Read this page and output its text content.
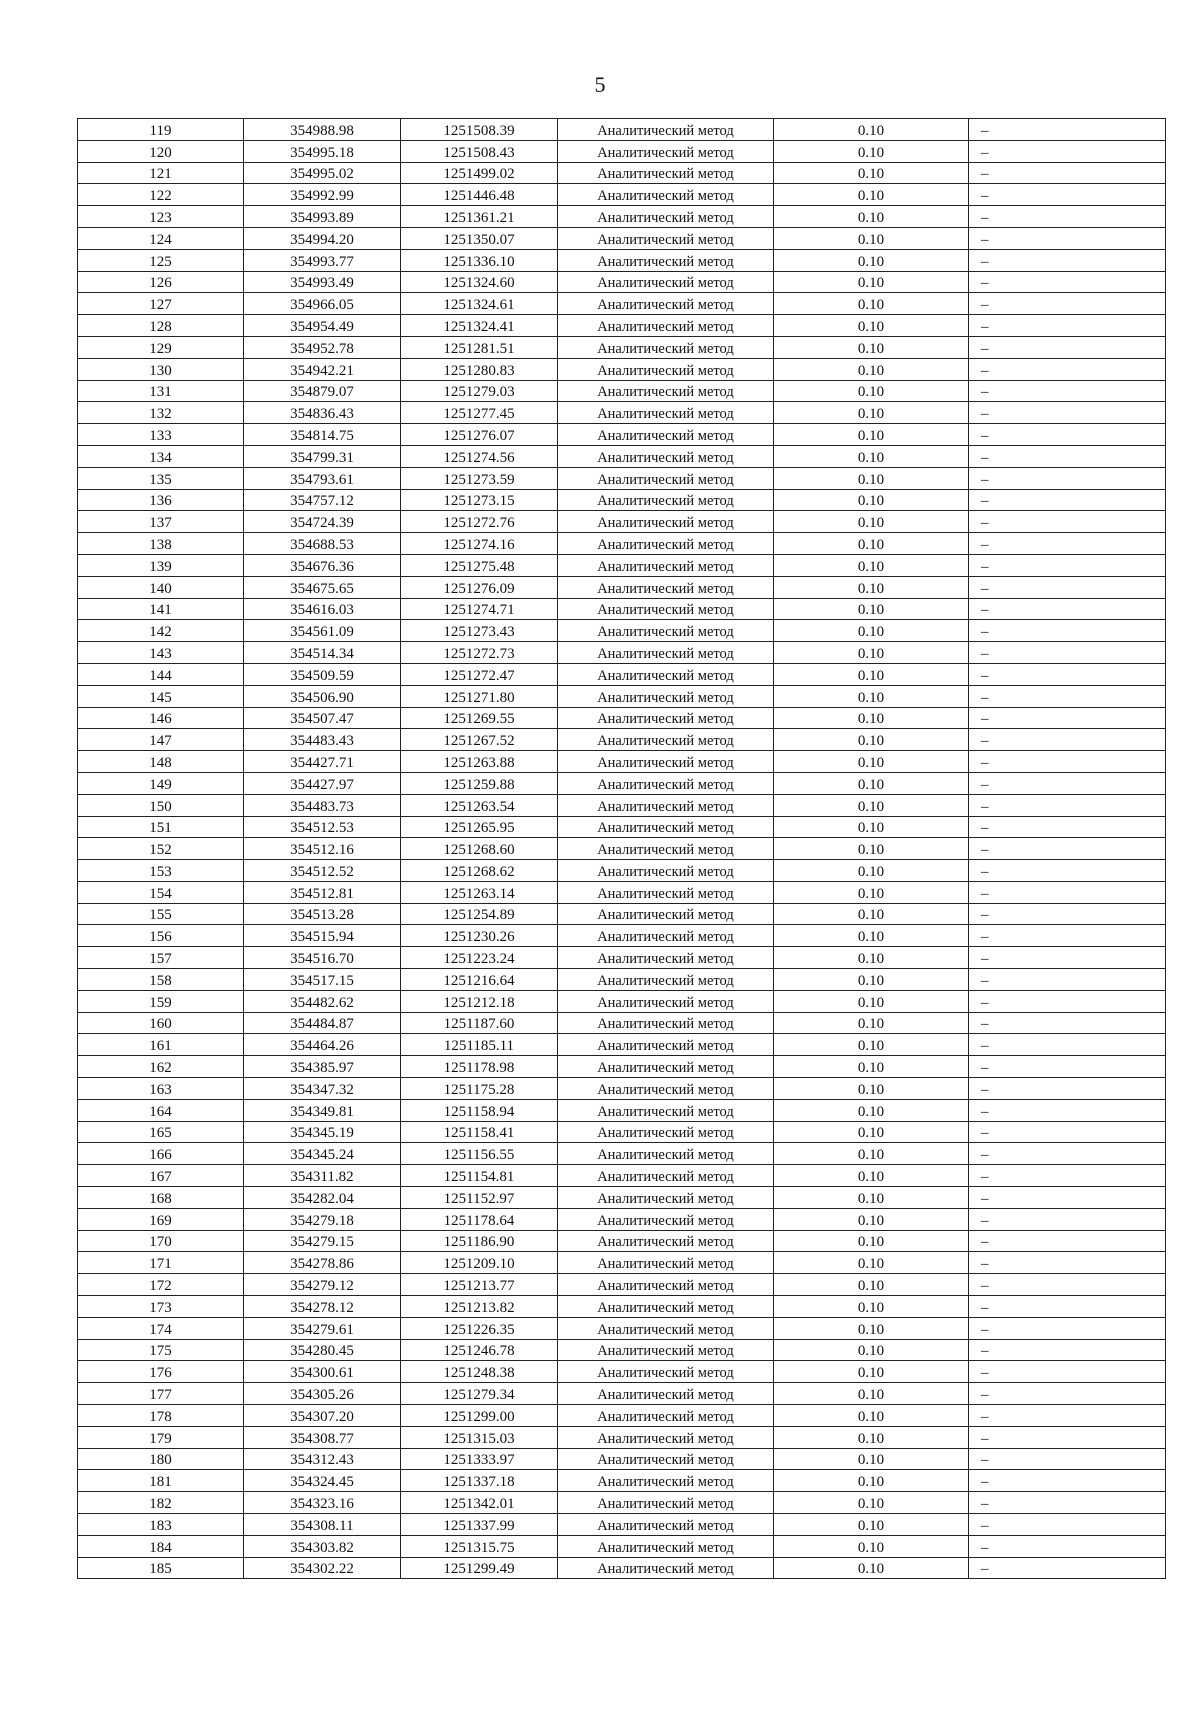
5
119	354988.98	1251508.39	Аналитический метод	0.10	–
120	354995.18	1251508.43	Аналитический метод	0.10	–
121	354995.02	1251499.02	Аналитический метод	0.10	–
122	354992.99	1251446.48	Аналитический метод	0.10	–
123	354993.89	1251361.21	Аналитический метод	0.10	–
124	354994.20	1251350.07	Аналитический метод	0.10	–
125	354993.77	1251336.10	Аналитический метод	0.10	–
126	354993.49	1251324.60	Аналитический метод	0.10	–
127	354966.05	1251324.61	Аналитический метод	0.10	–
128	354954.49	1251324.41	Аналитический метод	0.10	–
129	354952.78	1251281.51	Аналитический метод	0.10	–
130	354942.21	1251280.83	Аналитический метод	0.10	–
131	354879.07	1251279.03	Аналитический метод	0.10	–
132	354836.43	1251277.45	Аналитический метод	0.10	–
133	354814.75	1251276.07	Аналитический метод	0.10	–
134	354799.31	1251274.56	Аналитический метод	0.10	–
135	354793.61	1251273.59	Аналитический метод	0.10	–
136	354757.12	1251273.15	Аналитический метод	0.10	–
137	354724.39	1251272.76	Аналитический метод	0.10	–
138	354688.53	1251274.16	Аналитический метод	0.10	–
139	354676.36	1251275.48	Аналитический метод	0.10	–
140	354675.65	1251276.09	Аналитический метод	0.10	–
141	354616.03	1251274.71	Аналитический метод	0.10	–
142	354561.09	1251273.43	Аналитический метод	0.10	–
143	354514.34	1251272.73	Аналитический метод	0.10	–
144	354509.59	1251272.47	Аналитический метод	0.10	–
145	354506.90	1251271.80	Аналитический метод	0.10	–
146	354507.47	1251269.55	Аналитический метод	0.10	–
147	354483.43	1251267.52	Аналитический метод	0.10	–
148	354427.71	1251263.88	Аналитический метод	0.10	–
149	354427.97	1251259.88	Аналитический метод	0.10	–
150	354483.73	1251263.54	Аналитический метод	0.10	–
151	354512.53	1251265.95	Аналитический метод	0.10	–
152	354512.16	1251268.60	Аналитический метод	0.10	–
153	354512.52	1251268.62	Аналитический метод	0.10	–
154	354512.81	1251263.14	Аналитический метод	0.10	–
155	354513.28	1251254.89	Аналитический метод	0.10	–
156	354515.94	1251230.26	Аналитический метод	0.10	–
157	354516.70	1251223.24	Аналитический метод	0.10	–
158	354517.15	1251216.64	Аналитический метод	0.10	–
159	354482.62	1251212.18	Аналитический метод	0.10	–
160	354484.87	1251187.60	Аналитический метод	0.10	–
161	354464.26	1251185.11	Аналитический метод	0.10	–
162	354385.97	1251178.98	Аналитический метод	0.10	–
163	354347.32	1251175.28	Аналитический метод	0.10	–
164	354349.81	1251158.94	Аналитический метод	0.10	–
165	354345.19	1251158.41	Аналитический метод	0.10	–
166	354345.24	1251156.55	Аналитический метод	0.10	–
167	354311.82	1251154.81	Аналитический метод	0.10	–
168	354282.04	1251152.97	Аналитический метод	0.10	–
169	354279.18	1251178.64	Аналитический метод	0.10	–
170	354279.15	1251186.90	Аналитический метод	0.10	–
171	354278.86	1251209.10	Аналитический метод	0.10	–
172	354279.12	1251213.77	Аналитический метод	0.10	–
173	354278.12	1251213.82	Аналитический метод	0.10	–
174	354279.61	1251226.35	Аналитический метод	0.10	–
175	354280.45	1251246.78	Аналитический метод	0.10	–
176	354300.61	1251248.38	Аналитический метод	0.10	–
177	354305.26	1251279.34	Аналитический метод	0.10	–
178	354307.20	1251299.00	Аналитический метод	0.10	–
179	354308.77	1251315.03	Аналитический метод	0.10	–
180	354312.43	1251333.97	Аналитический метод	0.10	–
181	354324.45	1251337.18	Аналитический метод	0.10	–
182	354323.16	1251342.01	Аналитический метод	0.10	–
183	354308.11	1251337.99	Аналитический метод	0.10	–
184	354303.82	1251315.75	Аналитический метод	0.10	–
185	354302.22	1251299.49	Аналитический метод	0.10	–
